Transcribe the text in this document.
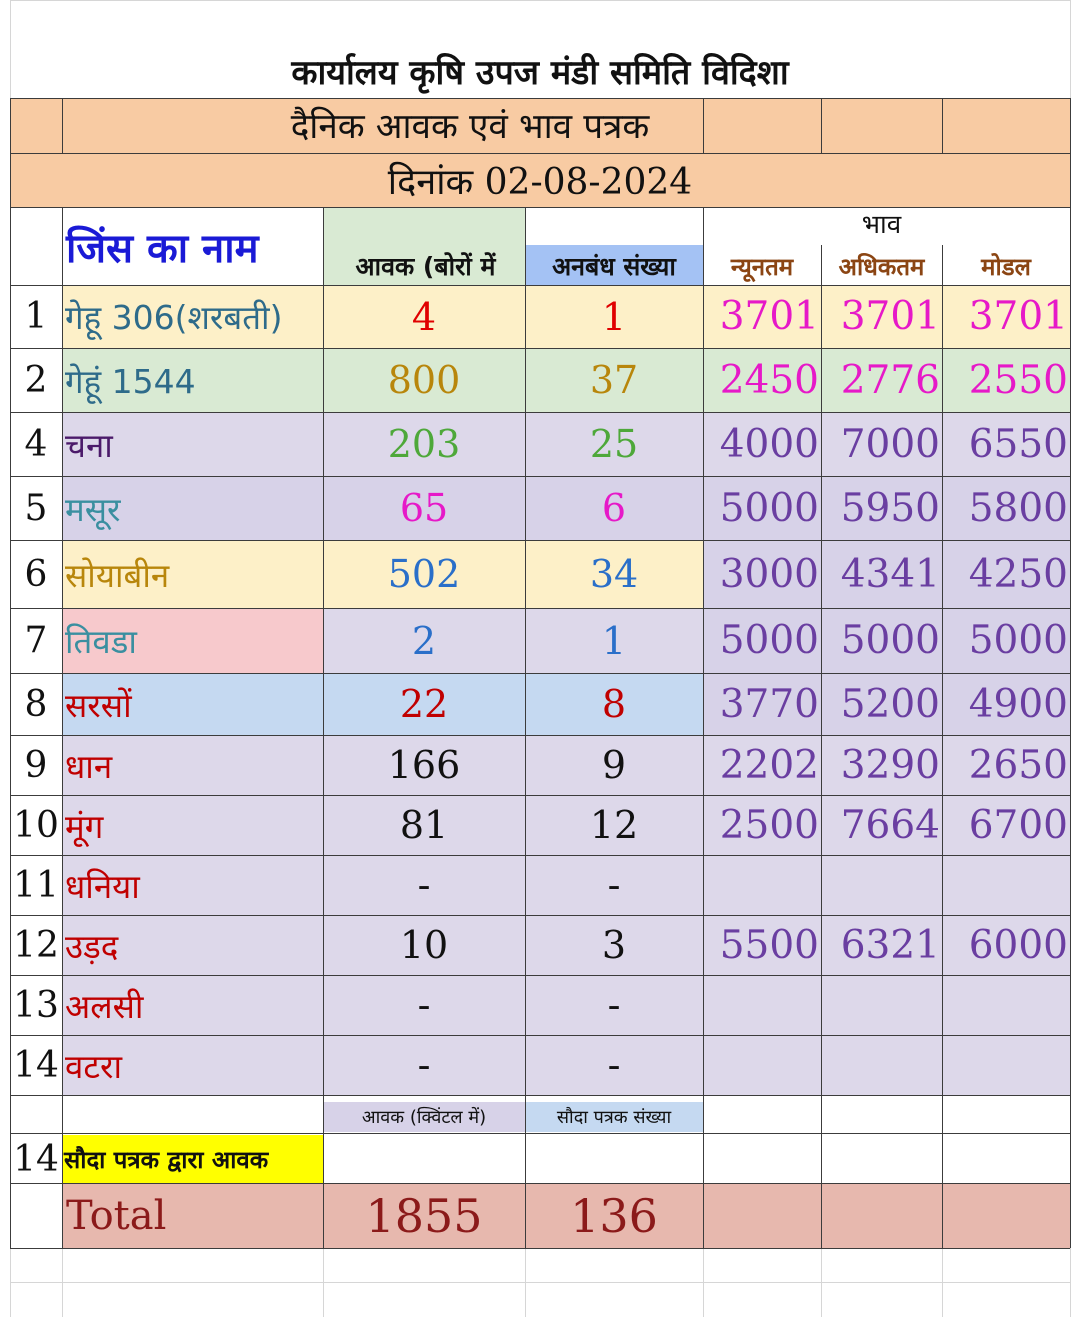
कार्यालय कृषि उपज मंडी समिति विदिशा
दैनिक आवक एवं भाव पत्रक
दिनांक 02-08-2024
जिंस का नाम	आवक (बोरों में	अनबंध संख्या
भाव
न्यूनतम	अधिकतम	मोडल
1 गेहू 306(शरबती)	4	1	3701 3701 3701
2 गेहूं 1544	800	37	2450 2776 2550
4 चना	203	25	4000 7000 6550
5 मसूर	65	6	5000 5950 5800
6 सोयाबीन	502	34	3000 4341 4250
7 तिवडा	2	1	5000 5000 5000
8 सरसों	22	8	3770 5200 4900
9 धान	166	9	2202 3290 2650
10 मूंग	81	12	2500 7664 6700
11 धनिया	-	-
12 उड़द	10	3	5500 6321 6000
13 अलसी	-	-
14 वटरा	-	-
आवक (क्विंटल में)	सौदा पत्रक संख्या
14 सौदा पत्रक द्वारा आवक
Total	1855	136
